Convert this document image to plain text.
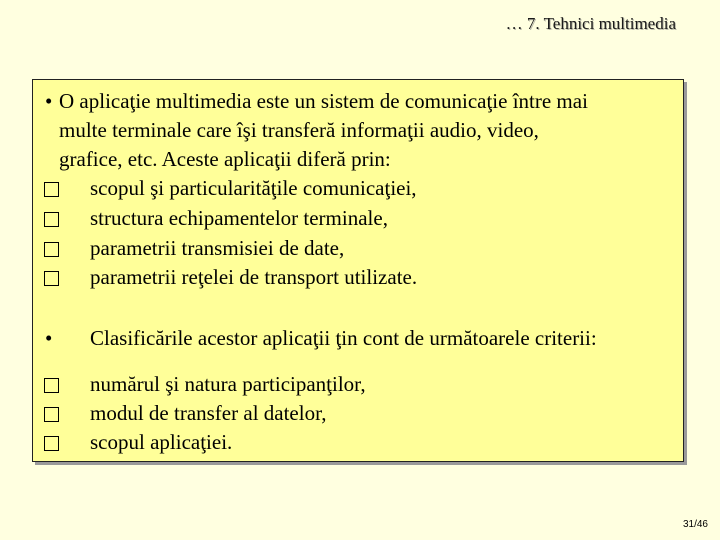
… 7. Tehnici multimedia
• O aplicaţie multimedia este un sistem de comunicaţie între mai
multe terminale care îşi transferă informaţii audio, video,
grafice, etc. Aceste aplicaţii diferă prin:
scopul şi particularităţile comunicaţiei,
structura echipamentelor terminale,
parametrii transmisiei de date,
parametrii reţelei de transport utilizate.
• Clasificările acestor aplicaţii ţin cont de următoarele criterii:
numărul şi natura participanţilor,
modul de transfer al datelor,
scopul aplicaţiei.
31/46
